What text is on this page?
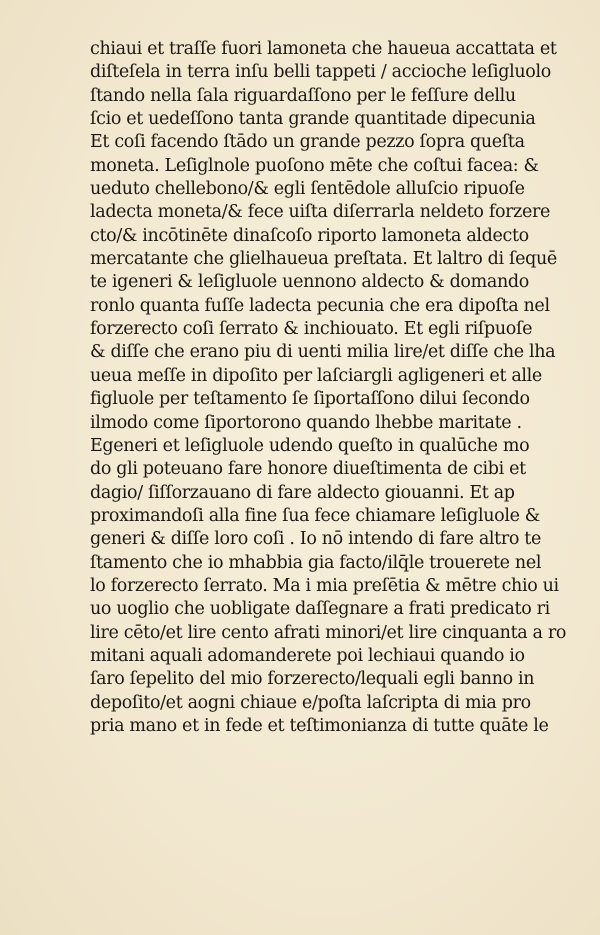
chiaui et traſſe fuori lamoneta che haueua accattata et
diſteſela in terra inſu belli tappeti / accioche leſigluolo
ſtando nella ſala riguardaſſono per le feſſure dellu
ſcio et uedeſſono tanta grande quantitade dipecunia
Et coſi facendo ſtādo un grande pezzo ſopra queſta
moneta. Leſiglnole puoſono mēte che coſtui facea: &
ueduto chellebono/& egli ſentēdole alluſcio ripuoſe
ladecta moneta/& fece uiſta diſerrarla neldeto forzere
cto/& incōtinēte dinaſcoſo riporto lamoneta aldecto
mercatante che glielhaueua preſtata. Et laltro di ſequē
te igeneri & leſigluole uennono aldecto & domando
ronlo quanta fuſſe ladecta pecunia che era dipoſta nel
forzerecto coſi ſerrato & inchiouato. Et egli riſpuoſe
& diſſe che erano piu di uenti milia lire/et diſſe che lha
ueua meſſe in dipoſito per laſciargli agligeneri et alle
figluole per teſtamento ſe ſiportaſſono dilui ſecondo
ilmodo come ſiportorono quando lhebbe maritate .
Egeneri et leſigluole udendo queſto in qualūche mo
do gli poteuano fare honore diueſtimenta de cibi et
dagio/ ſiſſorzauano di fare aldecto giouanni. Et ap
proximandoſi alla fine ſua fece chiamare leſigluole &
generi & diſſe loro coſi . Io nō intendo di fare altro te
ſtamento che io mhabbia gia facto/ilq̄le trouerete nel
lo forzerecto ſerrato. Ma i mia preſētia & mētre chio ui
uo uoglio che uobligate daſſegnare a frati predicato ri
lire cēto/et lire cento afrati minori/et lire cinquanta a ro
mitani aquali adomanderete poi lechiaui quando io
ſaro ſepelito del mio forzerecto/lequali egli banno in
depoſito/et aogni chiaue e/poſta laſcripta di mia pro
pria mano et in fede et teſtimonianza di tutte quāte le
